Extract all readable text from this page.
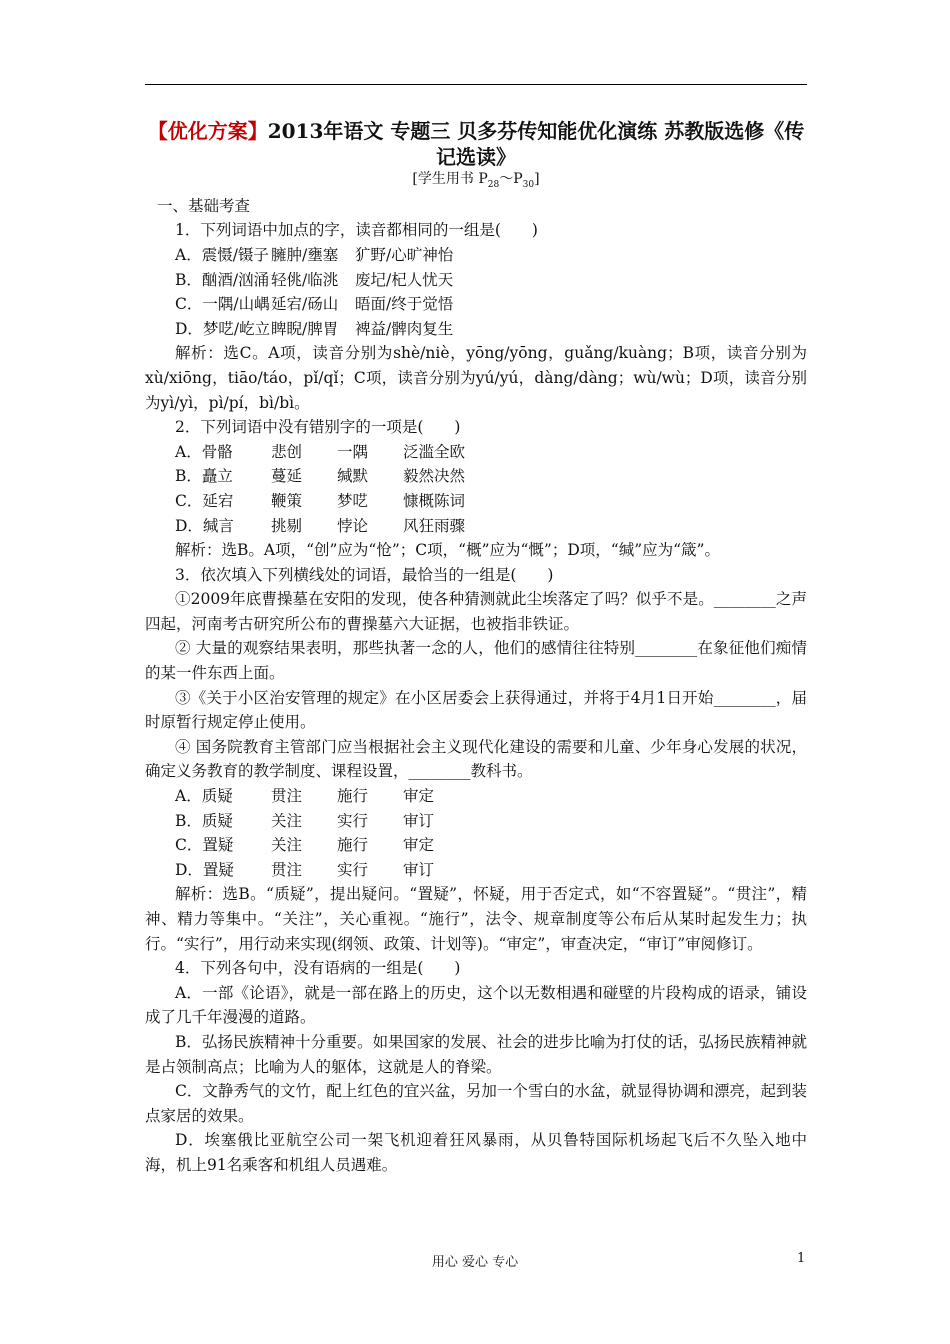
【优化方案】2013年语文 专题三 贝多芬传知能优化演练 苏教版选修《传记选读》
[学生用书 $P_{28}\sim P_{30}$]
一、基础考查
1．下列词语中加点的字，读音都相同的一组是(　　)
A．震慑/镊子 臃肿/壅塞 犷野/心旷神怡
B．酗酒/汹涌 轻佻/临洮 废圮/杞人忧天
C．一隅/山嵎延宕/砀山 晤面/终于觉悟
D．梦呓/屹立睥睨/脾胃 裨益/髀肉复生
解析：选C。A项，读音分别为shè/niè，yōng/yōng，guǎng/kuàng；B项，读音分别为xù/xiōng，tiāo/táo，pǐ/qǐ；C项，读音分别为yú/yú，dàng/dàng；wù/wù；D项，读音分别为yì/yì，pì/pí，bì/bì。
2．下列词语中没有错别字的一项是(　　)
A．骨骼 悲创 一隅 泛滥全欧
B．矗立 蔓延 缄默 毅然决然
C．延宕 鞭策 梦呓 慷概陈词
D．缄言 挑剔 悖论 风狂雨骤
解析：选B。A项，“创”应为“怆”；C项，“概”应为“慨”；D项，“缄”应为“箴”。
3．依次填入下列横线处的词语，最恰当的一组是(　　)
①2009年底曹操墓在安阳的发现，使各种猜测就此尘埃落定了吗？似乎不是。________之声四起，河南考古研究所公布的曹操墓六大证据，也被指非铁证。
② 大量的观察结果表明，那些执著一念的人，他们的感情往往特别________在象征他们痴情的某一件东西上面。
③《关于小区治安管理的规定》在小区居委会上获得通过，并将于4月1日开始________，届时原暂行规定停止使用。
④ 国务院教育主管部门应当根据社会主义现代化建设的需要和儿童、少年身心发展的状况，确定义务教育的教学制度、课程设置，________教科书。
A．质疑 贯注 施行 审定
B．质疑 关注 实行 审订
C．置疑 关注 施行 审定
D．置疑 贯注 实行 审订
解析：选B。“质疑”，提出疑问。“置疑”，怀疑，用于否定式，如“不容置疑”。“贯注”，精神、精力等集中。“关注”，关心重视。“施行”，法令、规章制度等公布后从某时起发生力；执行。“实行”，用行动来实现(纲领、政策、计划等)。“审定”，审查决定，“审订”审阅修订。
4．下列各句中，没有语病的一组是(　　)
A．一部《论语》，就是一部在路上的历史，这个以无数相遇和碰壁的片段构成的语录，铺设成了几千年漫漫的道路。
B．弘扬民族精神十分重要。如果国家的发展、社会的进步比喻为打仗的话，弘扬民族精神就是占领制高点；比喻为人的躯体，这就是人的脊梁。
C．文静秀气的文竹，配上红色的宜兴盆，另加一个雪白的水盆，就显得协调和漂亮，起到装点家居的效果。
D．埃塞俄比亚航空公司一架飞机迎着狂风暴雨，从贝鲁特国际机场起飞后不久坠入地中海，机上91名乘客和机组人员遇难。
用心 爱心 专心	1
